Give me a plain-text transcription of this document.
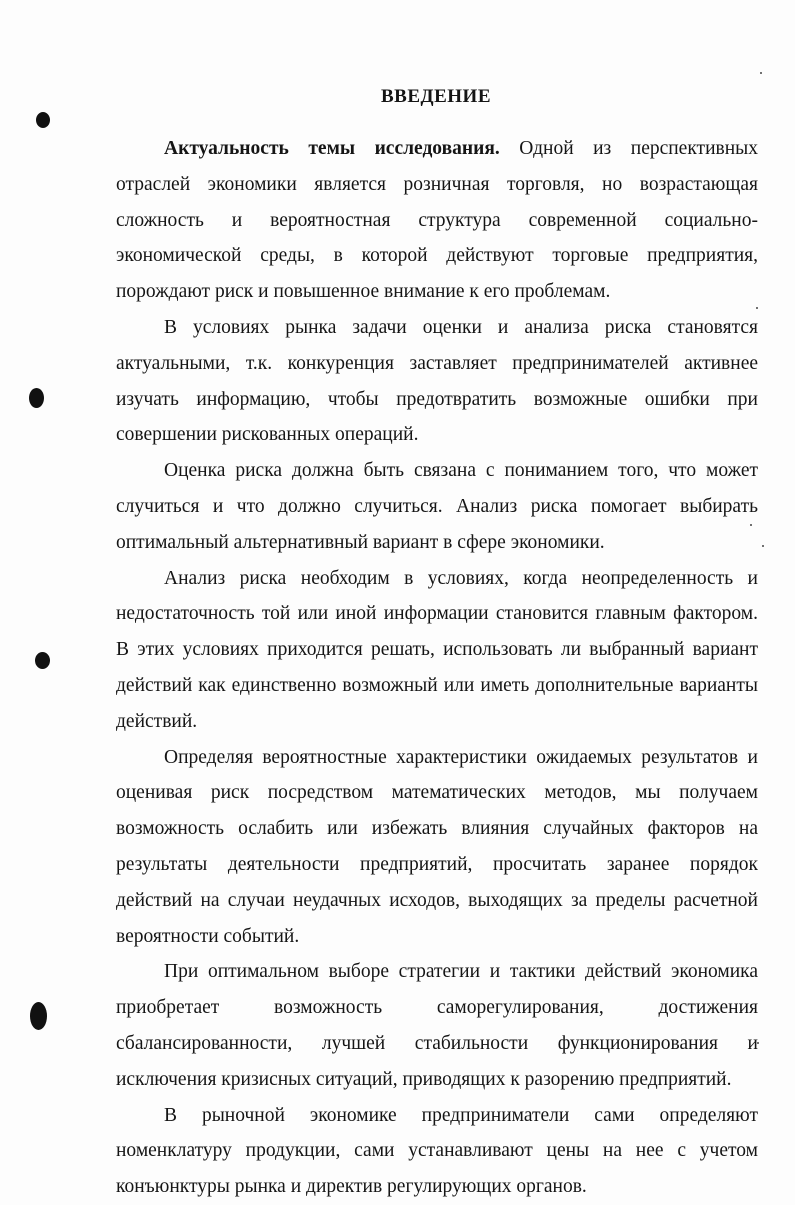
ВВЕДЕНИЕ

Актуальность темы исследования. Одной из перспективных отраслей экономики является розничная торговля, но возрастающая сложность и вероятностная структура современной социально-экономической среды, в которой действуют торговые предприятия, порождают риск и повышенное внимание к его проблемам.

В условиях рынка задачи оценки и анализа риска становятся актуальными, т.к. конкуренция заставляет предпринимателей активнее изучать информацию, чтобы предотвратить возможные ошибки при совершении рискованных операций.

Оценка риска должна быть связана с пониманием того, что может случиться и что должно случиться. Анализ риска помогает выбирать оптимальный альтернативный вариант в сфере экономики.

Анализ риска необходим в условиях, когда неопределенность и недостаточность той или иной информации становится главным фактором. В этих условиях приходится решать, использовать ли выбранный вариант действий как единственно возможный или иметь дополнительные варианты действий.

Определяя вероятностные характеристики ожидаемых результатов и оценивая риск посредством математических методов, мы получаем возможность ослабить или избежать влияния случайных факторов на результаты деятельности предприятий, просчитать заранее порядок действий на случаи неудачных исходов, выходящих за пределы расчетной вероятности событий.

При оптимальном выборе стратегии и тактики действий экономика приобретает возможность саморегулирования, достижения сбалансированности, лучшей стабильности функционирования и исключения кризисных ситуаций, приводящих к разорению предприятий.

В рыночной экономике предприниматели сами определяют номенклатуру продукции, сами устанавливают цены на нее с учетом конъюнктуры рынка и директив регулирующих органов.
